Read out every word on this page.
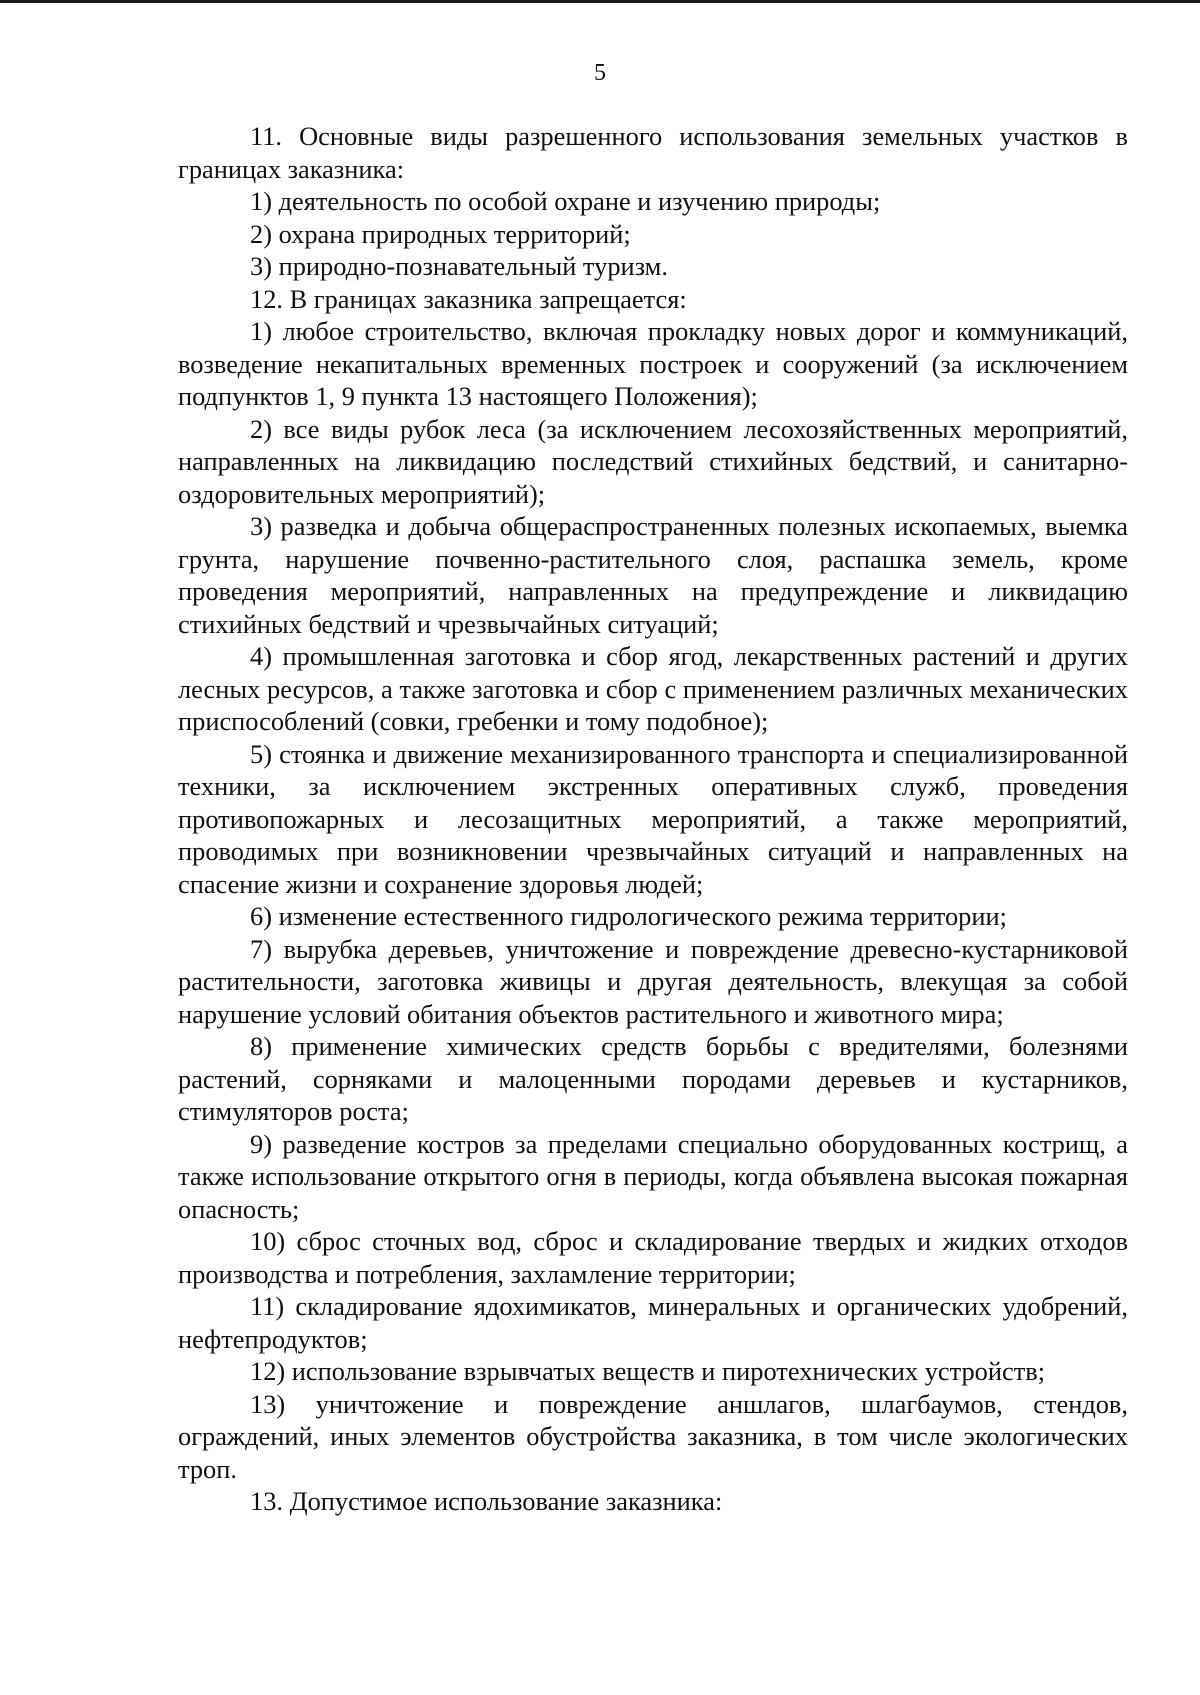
5

11. Основные виды разрешенного использования земельных участков в границах заказника:

1) деятельность по особой охране и изучению природы;

2) охрана природных территорий;

3) природно-познавательный туризм.

12. В границах заказника запрещается:

1) любое строительство, включая прокладку новых дорог и коммуникаций, возведение некапитальных временных построек и сооружений (за исключением подпунктов 1, 9 пункта 13 настоящего Положения);

2) все виды рубок леса (за исключением лесохозяйственных мероприятий, направленных на ликвидацию последствий стихийных бедствий, и санитарно-оздоровительных мероприятий);

3) разведка и добыча общераспространенных полезных ископаемых, выемка грунта, нарушение почвенно-растительного слоя, распашка земель, кроме проведения мероприятий, направленных на предупреждение и ликвидацию стихийных бедствий и чрезвычайных ситуаций;

4) промышленная заготовка и сбор ягод, лекарственных растений и других лесных ресурсов, а также заготовка и сбор с применением различных механических приспособлений (совки, гребенки и тому подобное);

5) стоянка и движение механизированного транспорта и специализированной техники, за исключением экстренных оперативных служб, проведения противопожарных и лесозащитных мероприятий, а также мероприятий, проводимых при возникновении чрезвычайных ситуаций и направленных на спасение жизни и сохранение здоровья людей;

6) изменение естественного гидрологического режима территории;

7) вырубка деревьев, уничтожение и повреждение древесно-кустарниковой растительности, заготовка живицы и другая деятельность, влекущая за собой нарушение условий обитания объектов растительного и животного мира;

8) применение химических средств борьбы с вредителями, болезнями растений, сорняками и малоценными породами деревьев и кустарников, стимуляторов роста;

9) разведение костров за пределами специально оборудованных кострищ, а также использование открытого огня в периоды, когда объявлена высокая пожарная опасность;

10) сброс сточных вод, сброс и складирование твердых и жидких отходов производства и потребления, захламление территории;

11) складирование ядохимикатов, минеральных и органических удобрений, нефтепродуктов;

12) использование взрывчатых веществ и пиротехнических устройств;

13) уничтожение и повреждение аншлагов, шлагбаумов, стендов, ограждений, иных элементов обустройства заказника, в том числе экологических троп.

13. Допустимое использование заказника:
